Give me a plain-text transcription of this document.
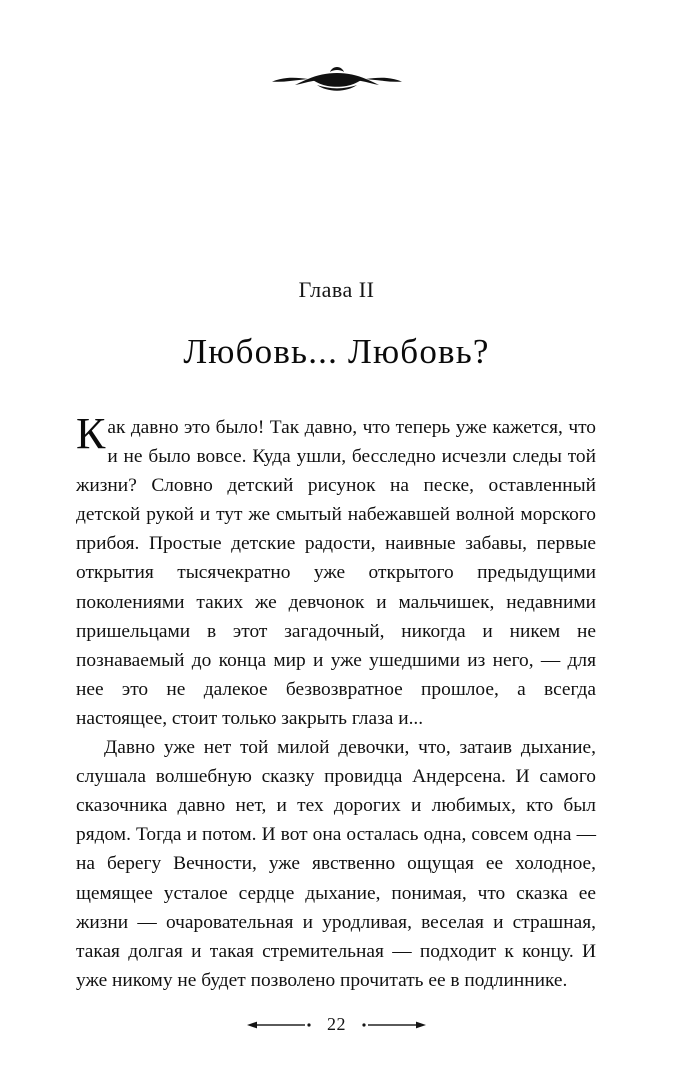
Глава II
Любовь... Любовь?

Как давно это было! Так давно, что теперь уже кажется, что и не было вовсе. Куда ушли, бесследно исчезли следы той жизни? Словно детский рисунок на песке, оставленный детской рукой и тут же смытый набежавшей волной морского прибоя. Простые детские радости, наивные забавы, первые открытия тысячекратно уже открытого предыдущими поколениями таких же девчонок и мальчишек, недавними пришельцами в этот загадочный, никогда и никем не познаваемый до конца мир и уже ушедшими из него, — для нее это не далекое безвозвратное прошлое, а всегда настоящее, стоит только закрыть глаза и...

Давно уже нет той милой девочки, что, затаив дыхание, слушала волшебную сказку провидца Андерсена. И самого сказочника давно нет, и тех дорогих и любимых, кто был рядом. Тогда и потом. И вот она осталась одна, совсем одна — на берегу Вечности, уже явственно ощущая ее холодное, щемящее усталое сердце дыхание, понимая, что сказка ее жизни — очаровательная и уродливая, веселая и страшная, такая долгая и такая стремительная — подходит к концу. И уже никому не будет позволено прочитать ее в подлиннике.

22
